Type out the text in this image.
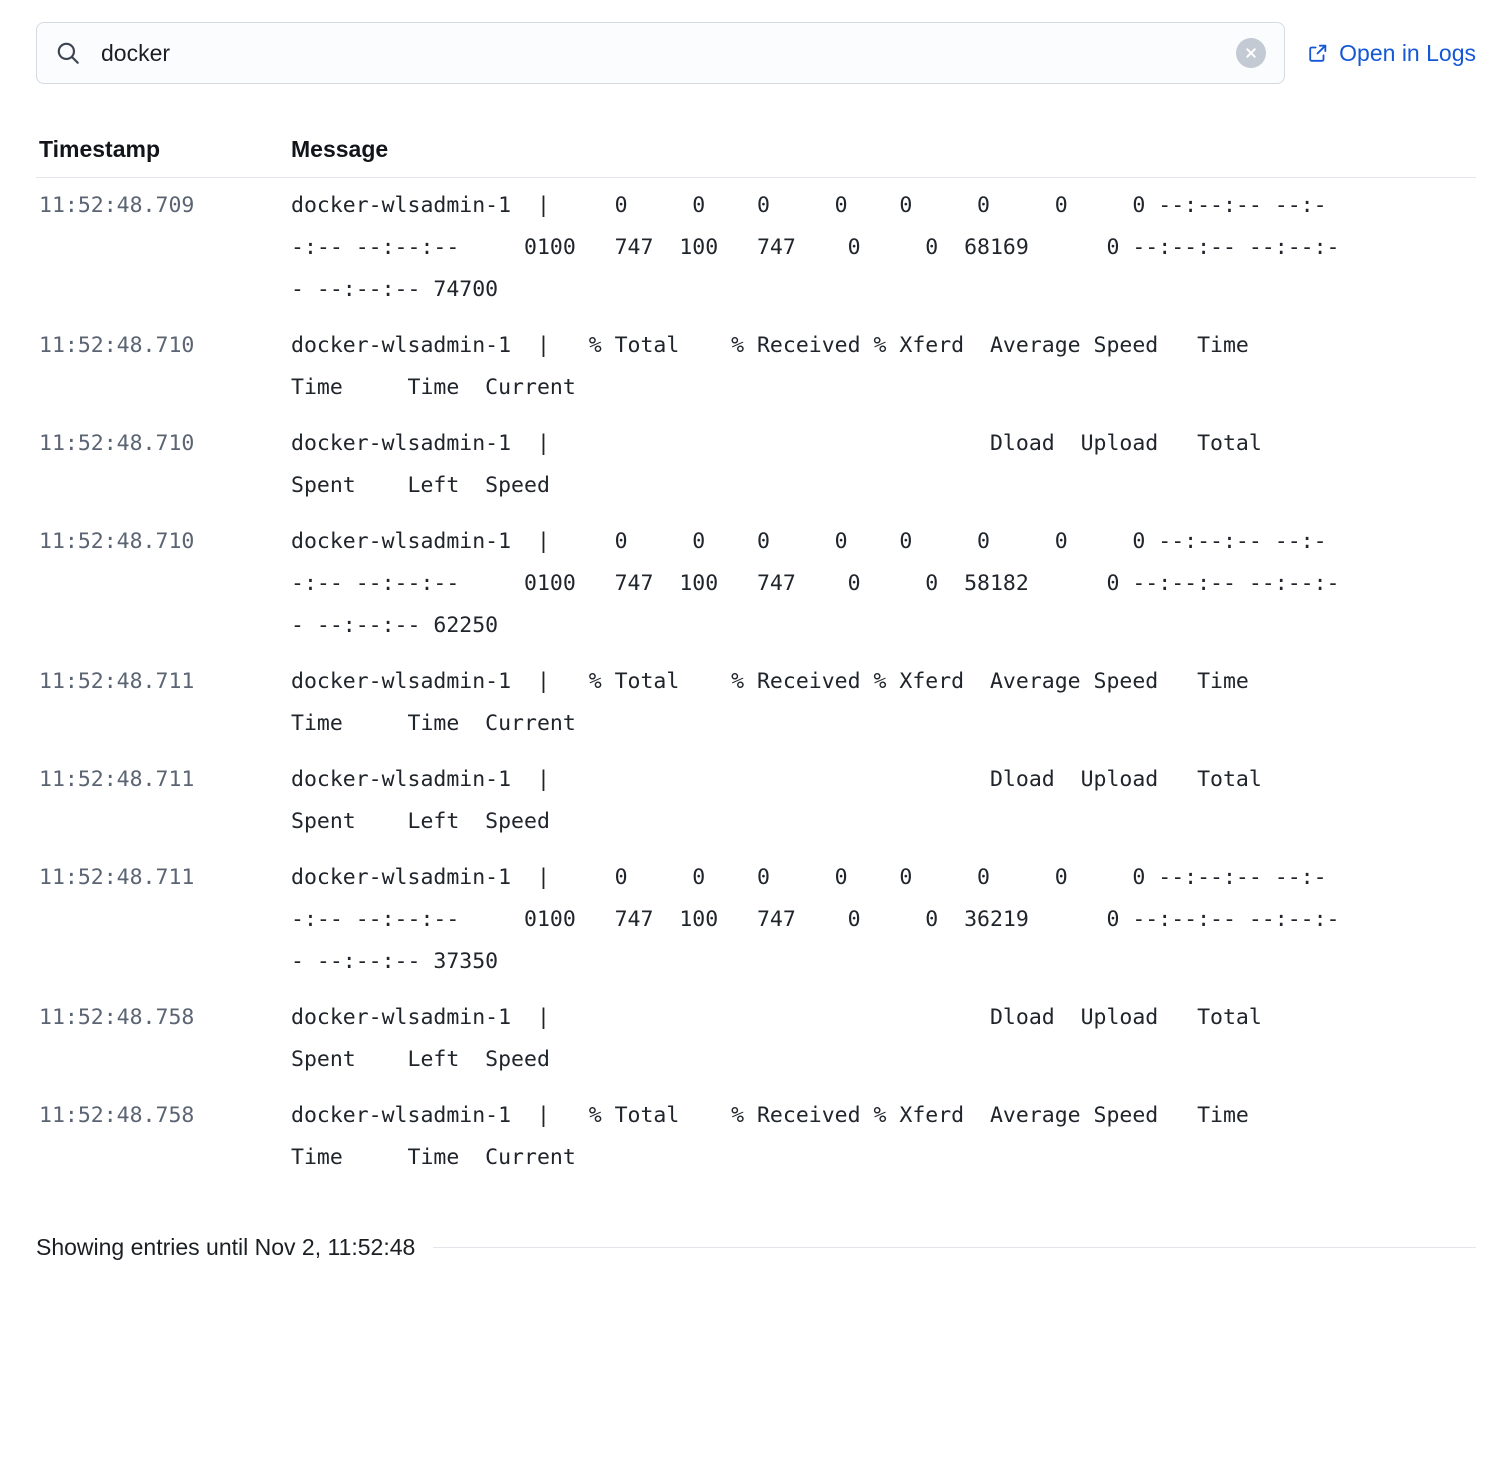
docker
Open in Logs
Timestamp	Message
11:52:48.709	docker-wlsadmin-1  |     0     0    0     0    0     0     0     0 --:--:-- --:--:-- --:--:--     0100   747  100   747    0     0  68169      0 --:--:-- --:--:-- --:--:-- 74700
11:52:48.710	docker-wlsadmin-1  |   % Total    % Received % Xferd  Average Speed   Time    Time     Time  Current
11:52:48.710	docker-wlsadmin-1  |                                  Dload  Upload   Total   Spent    Left  Speed
11:52:48.710	docker-wlsadmin-1  |     0     0    0     0    0     0     0     0 --:--:-- --:--:-- --:--:--     0100   747  100   747    0     0  58182      0 --:--:-- --:--:-- --:--:-- 62250
11:52:48.711	docker-wlsadmin-1  |   % Total    % Received % Xferd  Average Speed   Time    Time     Time  Current
11:52:48.711	docker-wlsadmin-1  |                                  Dload  Upload   Total   Spent    Left  Speed
11:52:48.711	docker-wlsadmin-1  |     0     0    0     0    0     0     0     0 --:--:-- --:--:-- --:--:--     0100   747  100   747    0     0  36219      0 --:--:-- --:--:-- --:--:-- 37350
11:52:48.758	docker-wlsadmin-1  |                                  Dload  Upload   Total   Spent    Left  Speed
11:52:48.758	docker-wlsadmin-1  |   % Total    % Received % Xferd  Average Speed   Time    Time     Time  Current
Showing entries until Nov 2, 11:52:48
